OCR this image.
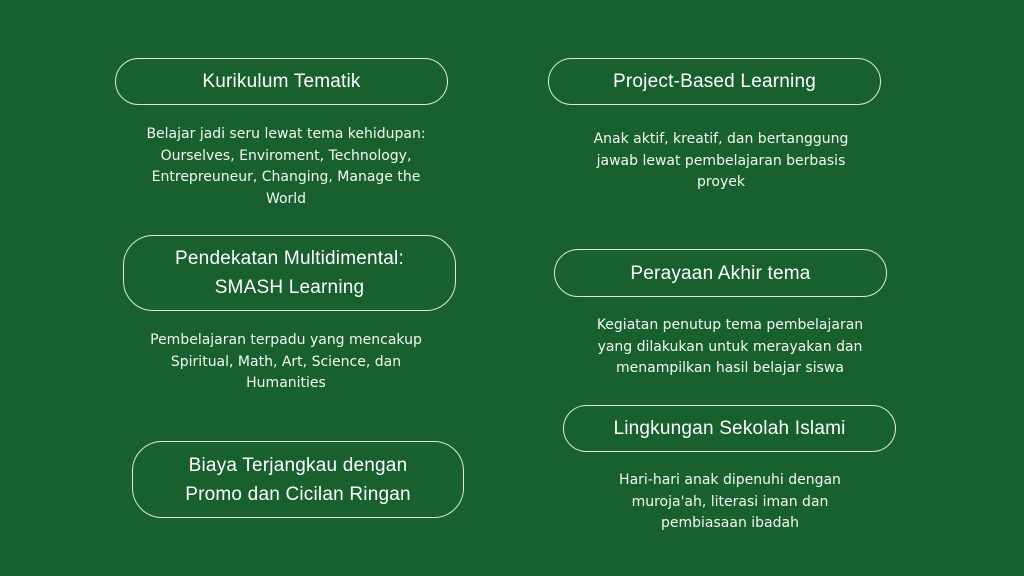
Kurikulum Tematik
Belajar jadi seru lewat tema kehidupan:
Ourselves, Enviroment, Technology,
Entrepreuneur, Changing, Manage the
World
Pendekatan Multidimental:
SMASH Learning
Pembelajaran terpadu yang mencakup
Spiritual, Math, Art, Science, dan
Humanities
Biaya Terjangkau dengan
Promo dan Cicilan Ringan
Project-Based Learning
Anak aktif, kreatif, dan bertanggung
jawab lewat pembelajaran berbasis
proyek
Perayaan Akhir tema
Kegiatan penutup tema pembelajaran
yang dilakukan untuk merayakan dan
menampilkan hasil belajar siswa
Lingkungan Sekolah Islami
Hari-hari anak dipenuhi dengan
muroja'ah, literasi iman dan
pembiasaan ibadah
